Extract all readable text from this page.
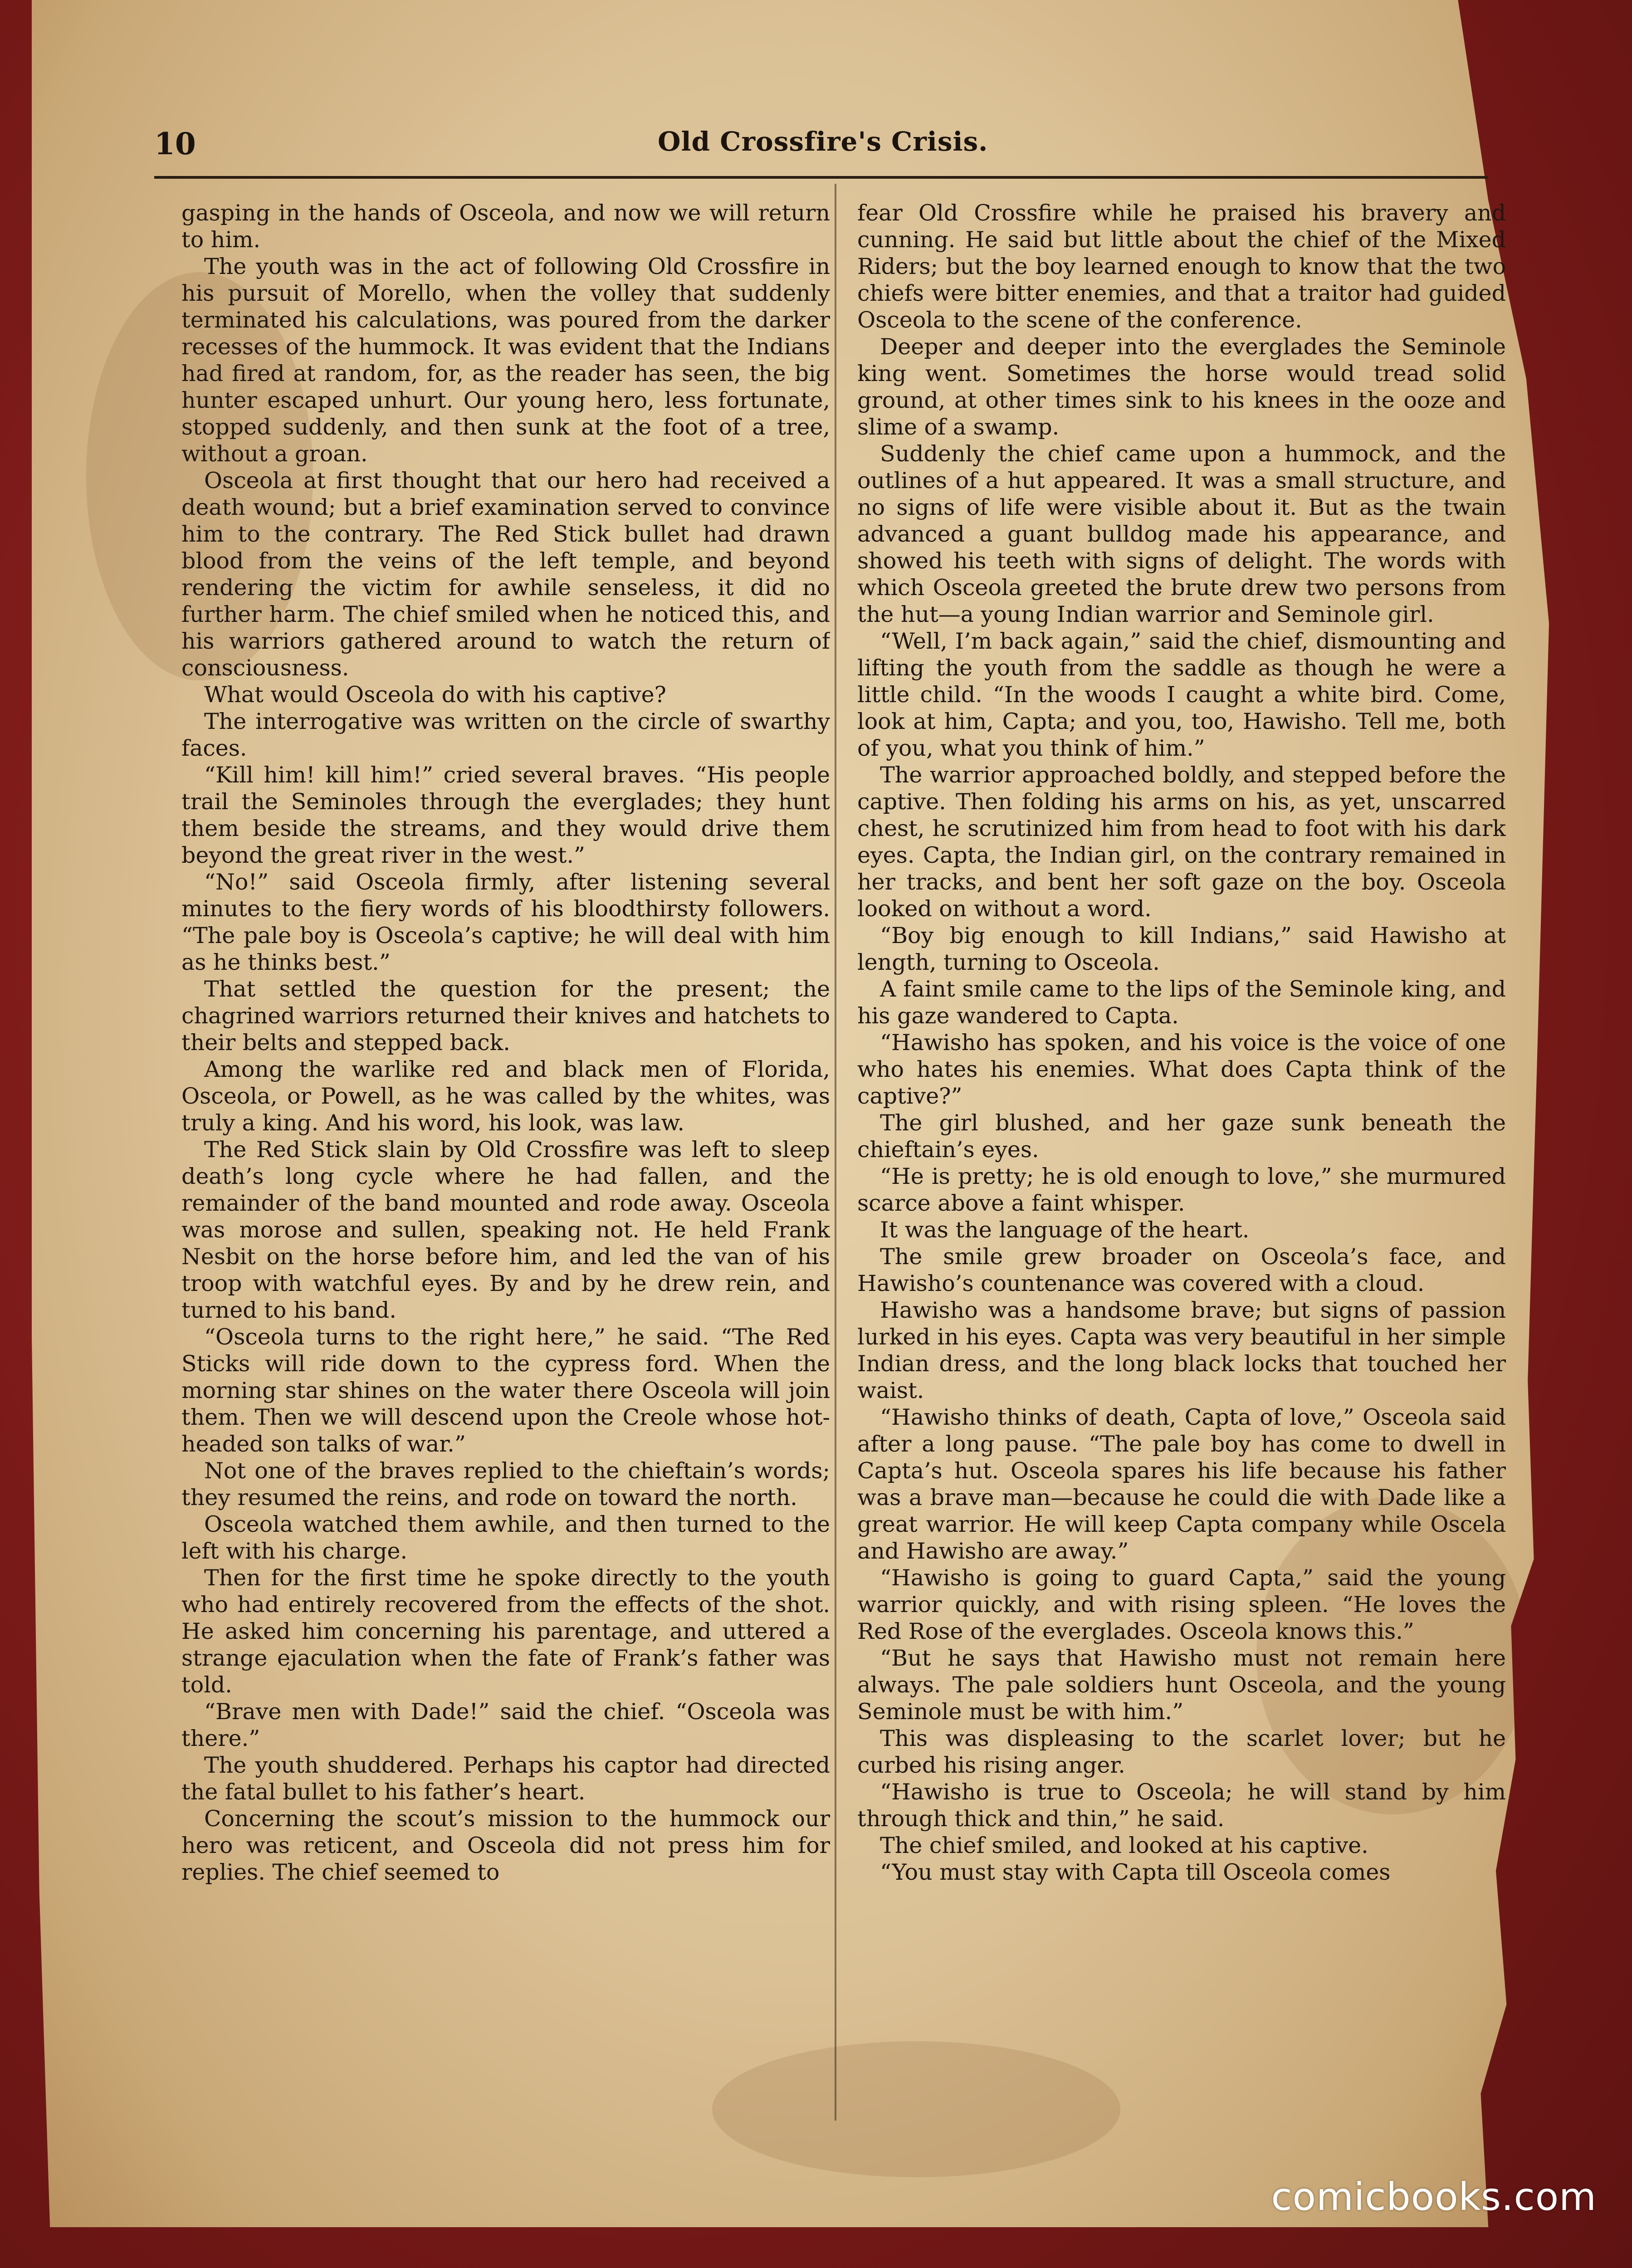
10	Old Crossfire's Crisis.

gasping in the hands of Osceola, and now we will return to him.

The youth was in the act of following Old Crossfire in his pursuit of Morello, when the volley that suddenly terminated his calculations, was poured from the darker recesses of the hummock. It was evident that the Indians had fired at random, for, as the reader has seen, the big hunter escaped unhurt. Our young hero, less fortunate, stopped suddenly, and then sunk at the foot of a tree, without a groan.

Osceola at first thought that our hero had received a death wound; but a brief examination served to convince him to the contrary. The Red Stick bullet had drawn blood from the veins of the left temple, and beyond rendering the victim for awhile senseless, it did no further harm. The chief smiled when he noticed this, and his warriors gathered around to watch the return of consciousness.

What would Osceola do with his captive?

The interrogative was written on the circle of swarthy faces.

“Kill him! kill him!” cried several braves. “His people trail the Seminoles through the everglades; they hunt them beside the streams, and they would drive them beyond the great river in the west.”

“No!” said Osceola firmly, after listening several minutes to the fiery words of his bloodthirsty followers. “The pale boy is Osceola’s captive; he will deal with him as he thinks best.”

That settled the question for the present; the chagrined warriors returned their knives and hatchets to their belts and stepped back.

Among the warlike red and black men of Florida, Osceola, or Powell, as he was called by the whites, was truly a king. And his word, his look, was law.

The Red Stick slain by Old Crossfire was left to sleep death’s long cycle where he had fallen, and the remainder of the band mounted and rode away. Osceola was morose and sullen, speaking not. He held Frank Nesbit on the horse before him, and led the van of his troop with watchful eyes. By and by he drew rein, and turned to his band.

“Osceola turns to the right here,” he said. “The Red Sticks will ride down to the cypress ford. When the morning star shines on the water there Osceola will join them. Then we will descend upon the Creole whose hot-headed son talks of war.”

Not one of the braves replied to the chieftain’s words; they resumed the reins, and rode on toward the north.

Osceola watched them awhile, and then turned to the left with his charge.

Then for the first time he spoke directly to the youth who had entirely recovered from the effects of the shot. He asked him concerning his parentage, and uttered a strange ejaculation when the fate of Frank’s father was told.

“Brave men with Dade!” said the chief. “Osceola was there.”

The youth shuddered. Perhaps his captor had directed the fatal bullet to his father’s heart.

Concerning the scout’s mission to the hummock our hero was reticent, and Osceola did not press him for replies. The chief seemed to

fear Old Crossfire while he praised his bravery and cunning. He said but little about the chief of the Mixed Riders; but the boy learned enough to know that the two chiefs were bitter enemies, and that a traitor had guided Osceola to the scene of the conference.

Deeper and deeper into the everglades the Seminole king went. Sometimes the horse would tread solid ground, at other times sink to his knees in the ooze and slime of a swamp.

Suddenly the chief came upon a hummock, and the outlines of a hut appeared. It was a small structure, and no signs of life were visible about it. But as the twain advanced a guant bulldog made his appearance, and showed his teeth with signs of delight. The words with which Osceola greeted the brute drew two persons from the hut—a young Indian warrior and Seminole girl.

“Well, I’m back again,” said the chief, dismounting and lifting the youth from the saddle as though he were a little child. “In the woods I caught a white bird. Come, look at him, Capta; and you, too, Hawisho. Tell me, both of you, what you think of him.”

The warrior approached boldly, and stepped before the captive. Then folding his arms on his, as yet, unscarred chest, he scrutinized him from head to foot with his dark eyes. Capta, the Indian girl, on the contrary remained in her tracks, and bent her soft gaze on the boy. Osceola looked on without a word.

“Boy big enough to kill Indians,” said Hawisho at length, turning to Osceola.

A faint smile came to the lips of the Seminole king, and his gaze wandered to Capta.

“Hawisho has spoken, and his voice is the voice of one who hates his enemies. What does Capta think of the captive?”

The girl blushed, and her gaze sunk beneath the chieftain’s eyes.

“He is pretty; he is old enough to love,” she murmured scarce above a faint whisper.

It was the language of the heart.

The smile grew broader on Osceola’s face, and Hawisho’s countenance was covered with a cloud.

Hawisho was a handsome brave; but signs of passion lurked in his eyes. Capta was very beautiful in her simple Indian dress, and the long black locks that touched her waist.

“Hawisho thinks of death, Capta of love,” Osceola said after a long pause. “The pale boy has come to dwell in Capta’s hut. Osceola spares his life because his father was a brave man—because he could die with Dade like a great warrior. He will keep Capta company while Oscela and Hawisho are away.”

“Hawisho is going to guard Capta,” said the young warrior quickly, and with rising spleen. “He loves the Red Rose of the everglades. Osceola knows this.”

“But he says that Hawisho must not remain here always. The pale soldiers hunt Osceola, and the young Seminole must be with him.”

This was displeasing to the scarlet lover; but he curbed his rising anger.

“Hawisho is true to Osceola; he will stand by him through thick and thin,” he said.

The chief smiled, and looked at his captive.

“You must stay with Capta till Osceola comes

comicbooks.com
